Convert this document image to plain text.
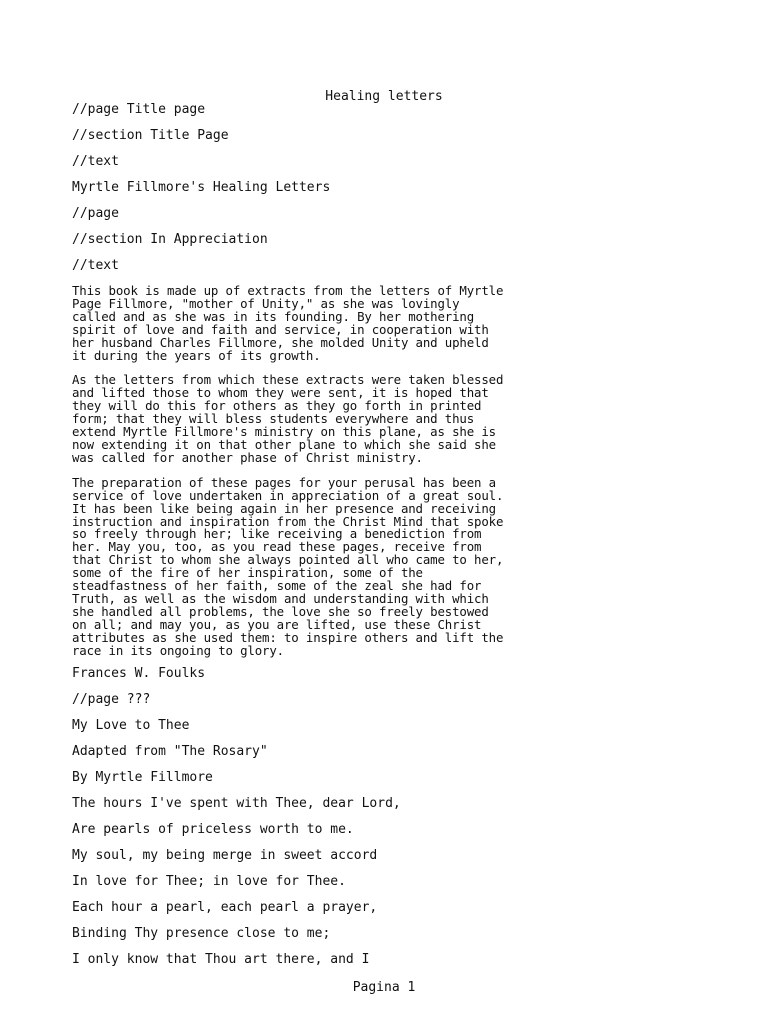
Healing letters

//page Title page

//section Title Page

//text

Myrtle Fillmore's Healing Letters

//page

//section In Appreciation

//text

This book is made up of extracts from the letters of Myrtle
Page Fillmore, "mother of Unity," as she was lovingly
called and as she was in its founding. By her mothering
spirit of love and faith and service, in cooperation with
her husband Charles Fillmore, she molded Unity and upheld
it during the years of its growth.

As the letters from which these extracts were taken blessed
and lifted those to whom they were sent, it is hoped that
they will do this for others as they go forth in printed
form; that they will bless students everywhere and thus
extend Myrtle Fillmore's ministry on this plane, as she is
now extending it on that other plane to which she said she
was called for another phase of Christ ministry.

The preparation of these pages for your perusal has been a
service of love undertaken in appreciation of a great soul.
It has been like being again in her presence and receiving
instruction and inspiration from the Christ Mind that spoke
so freely through her; like receiving a benediction from
her. May you, too, as you read these pages, receive from
that Christ to whom she always pointed all who came to her,
some of the fire of her inspiration, some of the
steadfastness of her faith, some of the zeal she had for
Truth, as well as the wisdom and understanding with which
she handled all problems, the love she so freely bestowed
on all; and may you, as you are lifted, use these Christ
attributes as she used them: to inspire others and lift the
race in its ongoing to glory.

Frances W. Foulks

//page ???

My Love to Thee

Adapted from "The Rosary"

By Myrtle Fillmore

The hours I've spent with Thee, dear Lord,

Are pearls of priceless worth to me.

My soul, my being merge in sweet accord

In love for Thee; in love for Thee.

Each hour a pearl, each pearl a prayer,

Binding Thy presence close to me;

I only know that Thou art there, and I

Pagina 1
